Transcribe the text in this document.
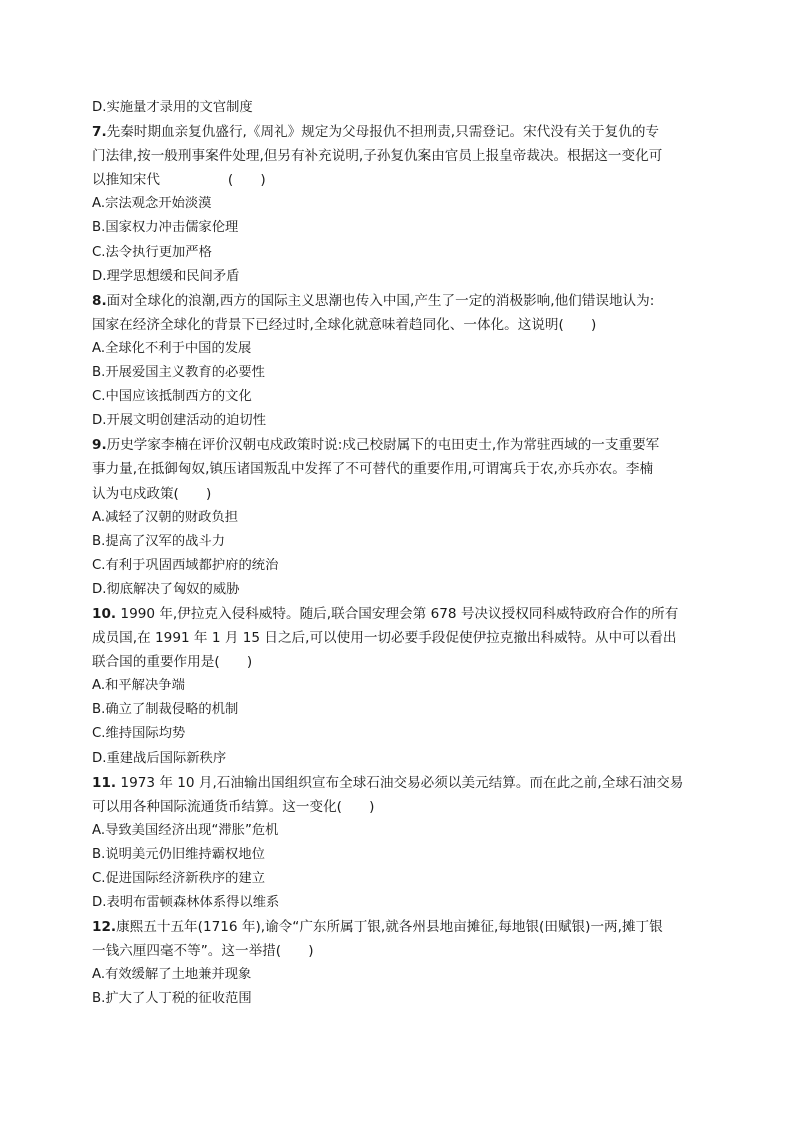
D.实施量才录用的文官制度
7.先秦时期血亲复仇盛行,《周礼》规定为父母报仇不担刑责,只需登记。宋代没有关于复仇的专
门法律,按一般刑事案件处理,但另有补充说明,子孙复仇案由官员上报皇帝裁决。根据这一变化可
以推知宋代　　　　　(　　)
A.宗法观念开始淡漠
B.国家权力冲击儒家伦理
C.法令执行更加严格
D.理学思想缓和民间矛盾
8.面对全球化的浪潮,西方的国际主义思潮也传入中国,产生了一定的消极影响,他们错误地认为:
国家在经济全球化的背景下已经过时,全球化就意味着趋同化、一体化。这说明(　　)
A.全球化不利于中国的发展
B.开展爱国主义教育的必要性
C.中国应该抵制西方的文化
D.开展文明创建活动的迫切性
9.历史学家李楠在评价汉朝屯戍政策时说:戍己校尉属下的屯田吏士,作为常驻西域的一支重要军
事力量,在抵御匈奴,镇压诸国叛乱中发挥了不可替代的重要作用,可谓寓兵于农,亦兵亦农。李楠
认为屯戍政策(　　)
A.减轻了汉朝的财政负担
B.提高了汉军的战斗力
C.有利于巩固西域都护府的统治
D.彻底解决了匈奴的威胁
10. 1990 年,伊拉克入侵科威特。随后,联合国安理会第 678 号决议授权同科威特政府合作的所有
成员国,在 1991 年 1 月 15 日之后,可以使用一切必要手段促使伊拉克撤出科威特。从中可以看出
联合国的重要作用是(　　)
A.和平解决争端
B.确立了制裁侵略的机制
C.维持国际均势
D.重建战后国际新秩序
11. 1973 年 10 月,石油输出国组织宣布全球石油交易必须以美元结算。而在此之前,全球石油交易
可以用各种国际流通货币结算。这一变化(　　)
A.导致美国经济出现“滞胀”危机
B.说明美元仍旧维持霸权地位
C.促进国际经济新秩序的建立
D.表明布雷顿森林体系得以维系
12.康熙五十五年(1716 年),谕令“广东所属丁银,就各州县地亩摊征,每地银(田赋银)一两,摊丁银
一钱六厘四毫不等”。这一举措(　　)
A.有效缓解了土地兼并现象
B.扩大了人丁税的征收范围
